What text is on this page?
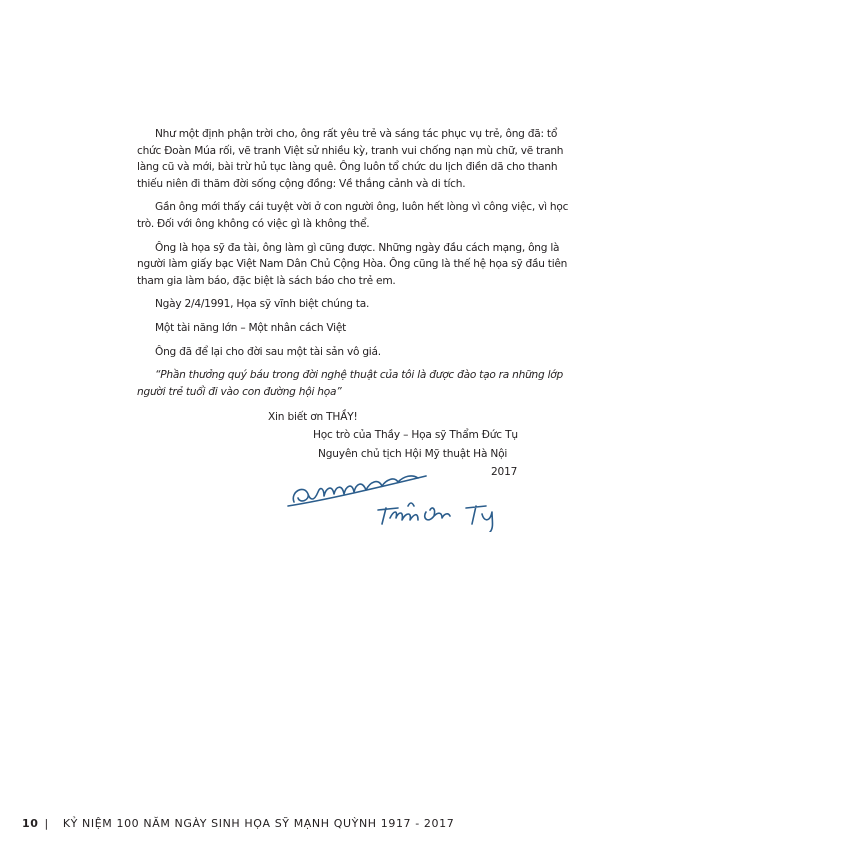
Như một định phận trời cho, ông rất yêu trẻ và sáng tác phục vụ trẻ, ông đã: tổ chức Đoàn Múa rối, vẽ tranh Việt sử nhiều kỳ, tranh vui chống nạn mù chữ, vẽ tranh làng cũ và mới, bài trừ hủ tục làng quê. Ông luôn tổ chức du lịch điền dã cho thanh thiếu niên đi thăm đời sống cộng đồng: Về thắng cảnh và di tích.

Gần ông mới thấy cái tuyệt vời ở con người ông, luôn hết lòng vì công việc, vì học trò. Đối với ông không có việc gì là không thể.

Ông là họa sỹ đa tài, ông làm gì cũng được. Những ngày đầu cách mạng, ông là người làm giấy bạc Việt Nam Dân Chủ Cộng Hòa. Ông cũng là thế hệ họa sỹ đầu tiên tham gia làm báo, đặc biệt là sách báo cho trẻ em.

Ngày 2/4/1991, Họa sỹ vĩnh biệt chúng ta.

Một tài năng lớn – Một nhân cách Việt

Ông đã để lại cho đời sau một tài sản vô giá.

“Phần thưởng quý báu trong đời nghệ thuật của tôi là được đào tạo ra những lớp người trẻ tuổi đi vào con đường hội họa”

Xin biết ơn THẦY!
Học trò của Thầy – Họa sỹ Thẩm Đức Tụ
Nguyên chủ tịch Hội Mỹ thuật Hà Nội
2017
10 | KỶ NIỆM 100 NĂM NGÀY SINH HỌA SỸ MẠNH QUỲNH 1917 - 2017
